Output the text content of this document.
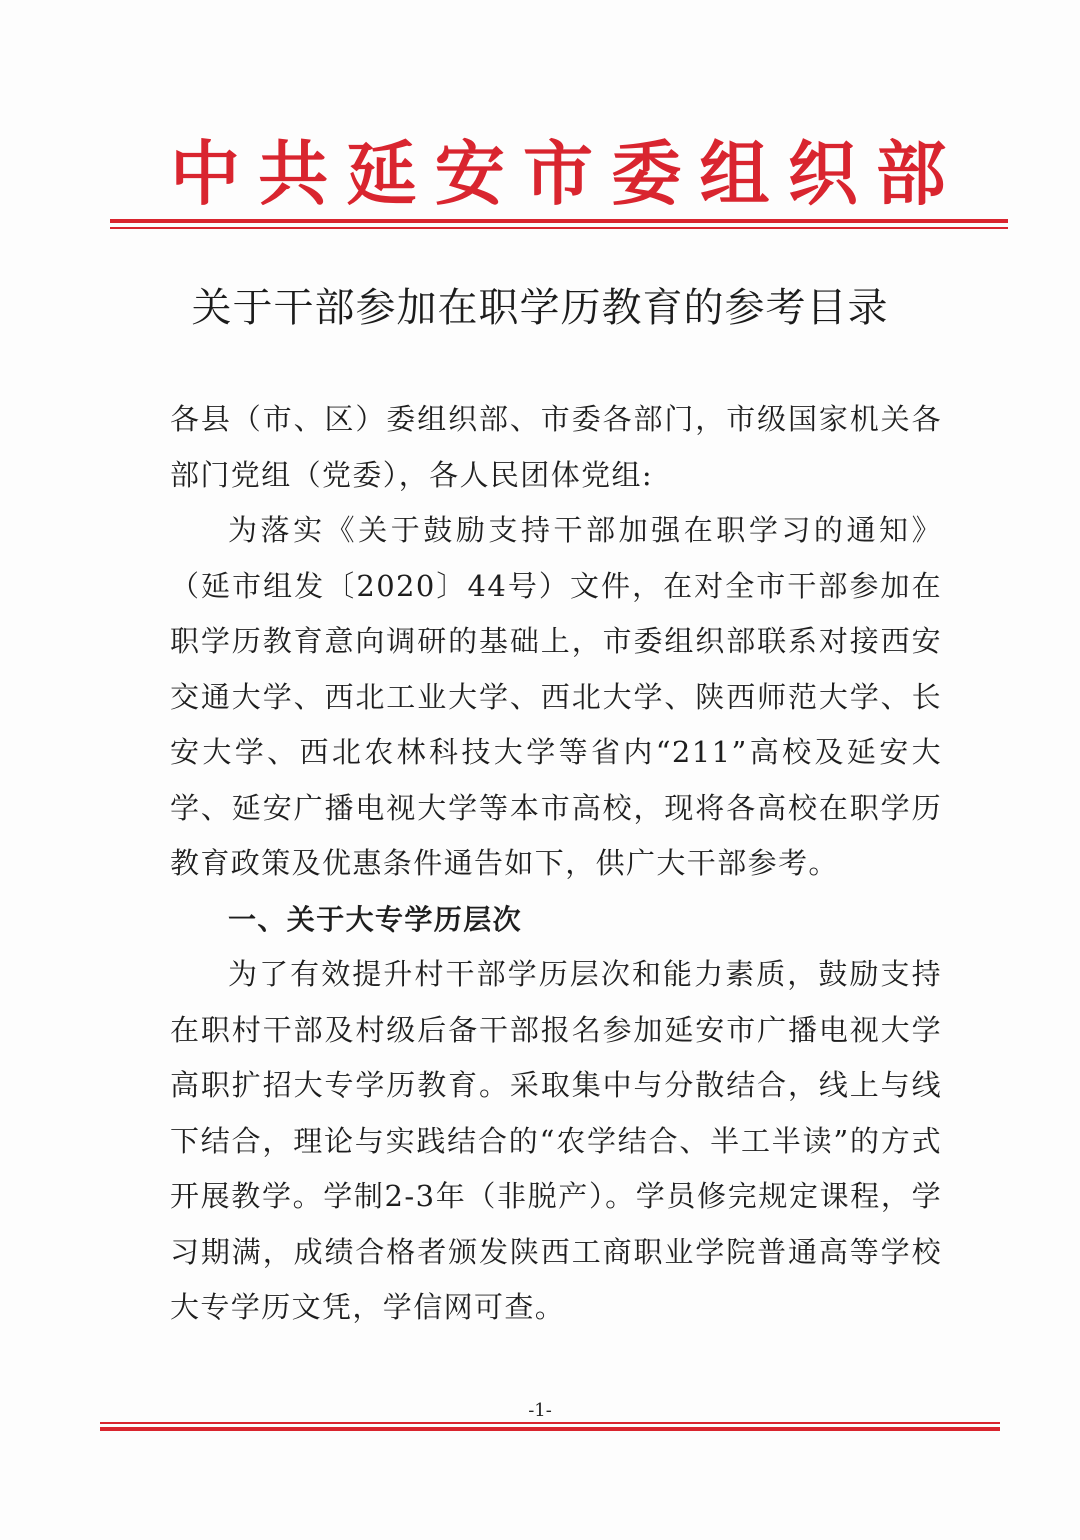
中 共 延 安 市 委 组 织 部
关于干部参加在职学历教育的参考目录

各县（市、区）委组织部、市委各部门，市级国家机关各部门党组（党委），各人民团体党组:

为落实《关于鼓励支持干部加强在职学习的通知》（延市组发〔2020〕44号）文件，在对全市干部参加在职学历教育意向调研的基础上，市委组织部联系对接西安交通大学、西北工业大学、西北大学、陕西师范大学、长安大学、西北农林科技大学等省内“211”高校及延安大学、延安广播电视大学等本市高校，现将各高校在职学历教育政策及优惠条件通告如下，供广大干部参考。

一、关于大专学历层次

为了有效提升村干部学历层次和能力素质，鼓励支持在职村干部及村级后备干部报名参加延安市广播电视大学高职扩招大专学历教育。采取集中与分散结合，线上与线下结合，理论与实践结合的“农学结合、半工半读”的方式开展教学。学制2-3年（非脱产）。学员修完规定课程，学习期满，成绩合格者颁发陕西工商职业学院普通高等学校大专学历文凭，学信网可查。

-1-
